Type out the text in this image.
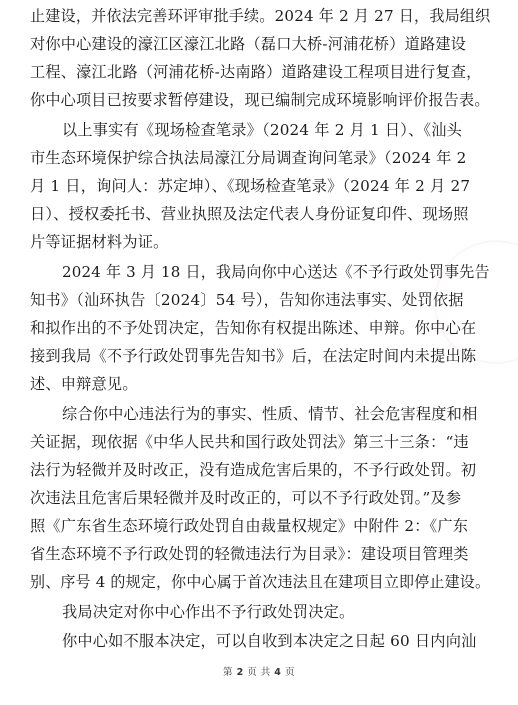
止建设，并依法完善环评审批手续。2024 年 2 月 27 日，我局组织
对你中心建设的濠江区濠江北路（磊口大桥-河浦花桥）道路建设
工程、濠江北路（河浦花桥-达南路）道路建设工程项目进行复查，
你中心项目已按要求暂停建设，现已编制完成环境影响评价报告表。
以上事实有《现场检查笔录》（2024 年 2 月 1 日）、《汕头
市生态环境保护综合执法局濠江分局调查询问笔录》（2024 年 2
月 1 日，询问人：苏定坤）、《现场检查笔录》（2024 年 2 月 27
日）、授权委托书、营业执照及法定代表人身份证复印件、现场照
片等证据材料为证。
2024 年 3 月 18 日，我局向你中心送达《不予行政处罚事先告
知书》（汕环执告〔2024〕54 号），告知你违法事实、处罚依据
和拟作出的不予处罚决定，告知你有权提出陈述、申辩。你中心在
接到我局《不予行政处罚事先告知书》后，在法定时间内未提出陈
述、申辩意见。
综合你中心违法行为的事实、性质、情节、社会危害程度和相
关证据，现依据《中华人民共和国行政处罚法》第三十三条：“违
法行为轻微并及时改正，没有造成危害后果的，不予行政处罚。初
次违法且危害后果轻微并及时改正的，可以不予行政处罚。”及参
照《广东省生态环境行政处罚自由裁量权规定》中附件 2：《广东
省生态环境不予行政处罚的轻微违法行为目录》：建设项目管理类
别、序号 4 的规定，你中心属于首次违法且在建项目立即停止建设。
我局决定对你中心作出不予行政处罚决定。
你中心如不服本决定，可以自收到本决定之日起 60 日内向汕
第 2 页 共 4 页
